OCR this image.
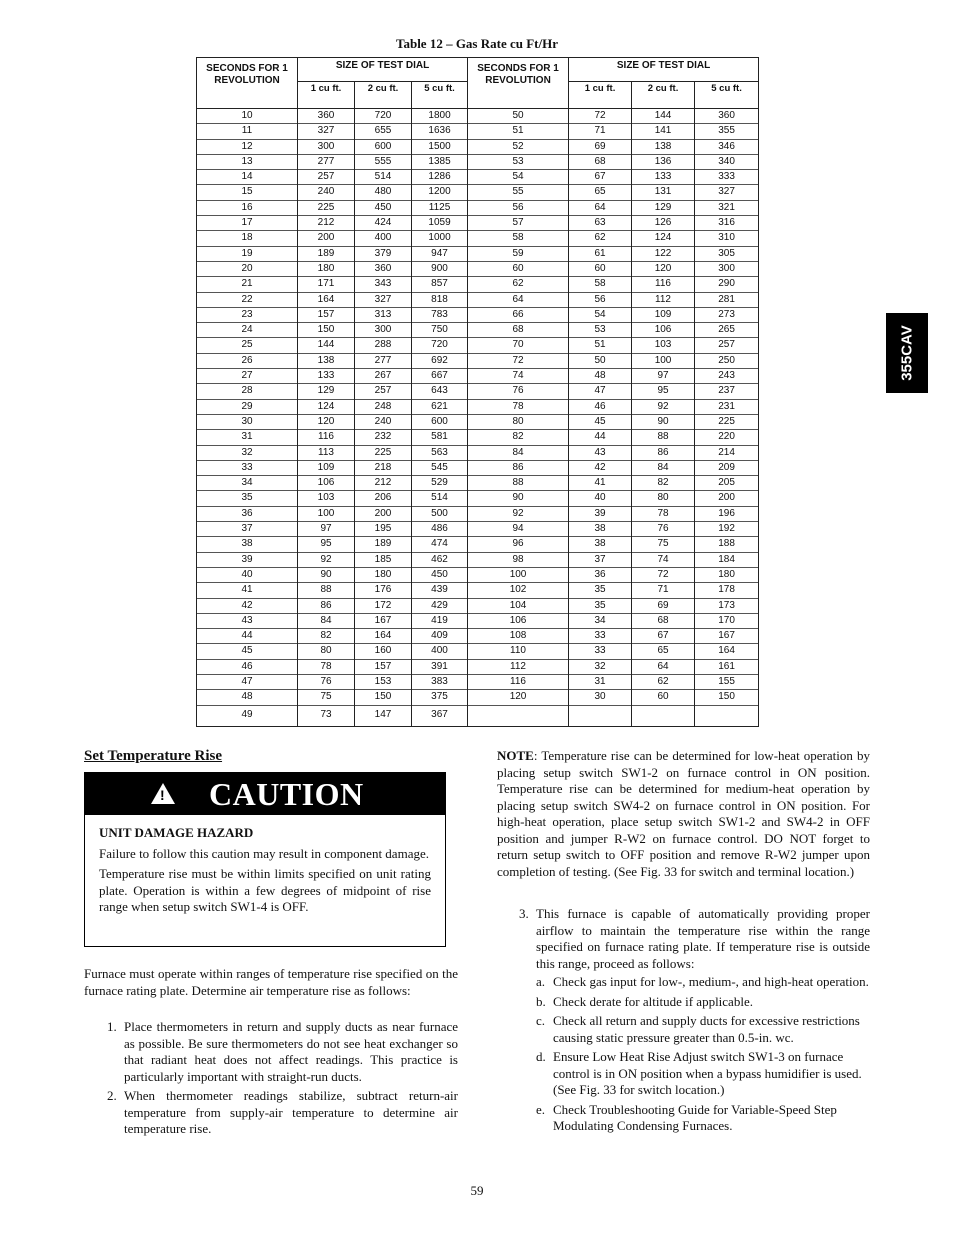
Table 12 – Gas Rate cu Ft/Hr
SECONDS FOR 1 REVOLUTION	SIZE OF TEST DIAL			SECONDS FOR 1 REVOLUTION	SIZE OF TEST DIAL		
	1 cu ft.	2 cu ft.	5 cu ft.		1 cu ft.	2 cu ft.	5 cu ft.
10	360	720	1800	50	72	144	360
11	327	655	1636	51	71	141	355
12	300	600	1500	52	69	138	346
13	277	555	1385	53	68	136	340
14	257	514	1286	54	67	133	333
15	240	480	1200	55	65	131	327
16	225	450	1125	56	64	129	321
17	212	424	1059	57	63	126	316
18	200	400	1000	58	62	124	310
19	189	379	947	59	61	122	305
20	180	360	900	60	60	120	300
21	171	343	857	62	58	116	290
22	164	327	818	64	56	112	281
23	157	313	783	66	54	109	273
24	150	300	750	68	53	106	265
25	144	288	720	70	51	103	257
26	138	277	692	72	50	100	250
27	133	267	667	74	48	97	243
28	129	257	643	76	47	95	237
29	124	248	621	78	46	92	231
30	120	240	600	80	45	90	225
31	116	232	581	82	44	88	220
32	113	225	563	84	43	86	214
33	109	218	545	86	42	84	209
34	106	212	529	88	41	82	205
35	103	206	514	90	40	80	200
36	100	200	500	92	39	78	196
37	97	195	486	94	38	76	192
38	95	189	474	96	38	75	188
39	92	185	462	98	37	74	184
40	90	180	450	100	36	72	180
41	88	176	439	102	35	71	178
42	86	172	429	104	35	69	173
43	84	167	419	106	34	68	170
44	82	164	409	108	33	67	167
45	80	160	400	110	33	65	164
46	78	157	391	112	32	64	161
47	76	153	383	116	31	62	155
48	75	150	375	120	30	60	150
49	73	147	367				
355CAV
Set Temperature Rise
!
CAUTION
UNIT DAMAGE HAZARD
Failure to follow this caution may result in component damage.
Temperature rise must be within limits specified on unit rating plate. Operation is within a few degrees of midpoint of rise range when setup switch SW1-4 is OFF.
Furnace must operate within ranges of temperature rise specified on the furnace rating plate. Determine air temperature rise as follows:
1. Place thermometers in return and supply ducts as near furnace as possible. Be sure thermometers do not see heat exchanger so that radiant heat does not affect readings. This practice is particularly important with straight-run ducts.
2. When thermometer readings stabilize, subtract return-air temperature from supply-air temperature to determine air temperature rise.
NOTE: Temperature rise can be determined for low-heat operation by placing setup switch SW1-2 on furnace control in ON position. Temperature rise can be determined for medium-heat operation by placing setup switch SW4-2 on furnace control in ON position. For high-heat operation, place setup switch SW1-2 and SW4-2 in OFF position and jumper R-W2 on furnace control. DO NOT forget to return setup switch to OFF position and remove R-W2 jumper upon completion of testing. (See Fig. 33 for switch and terminal location.)
3. This furnace is capable of automatically providing proper airflow to maintain the temperature rise within the range specified on furnace rating plate. If temperature rise is outside this range, proceed as follows:
a. Check gas input for low-, medium-, and high-heat operation.
b. Check derate for altitude if applicable.
c. Check all return and supply ducts for excessive restrictions causing static pressure greater than 0.5-in. wc.
d. Ensure Low Heat Rise Adjust switch SW1-3 on furnace control is in ON position when a bypass humidifier is used. (See Fig. 33 for switch location.)
e. Check Troubleshooting Guide for Variable-Speed Step Modulating Condensing Furnaces.
59
